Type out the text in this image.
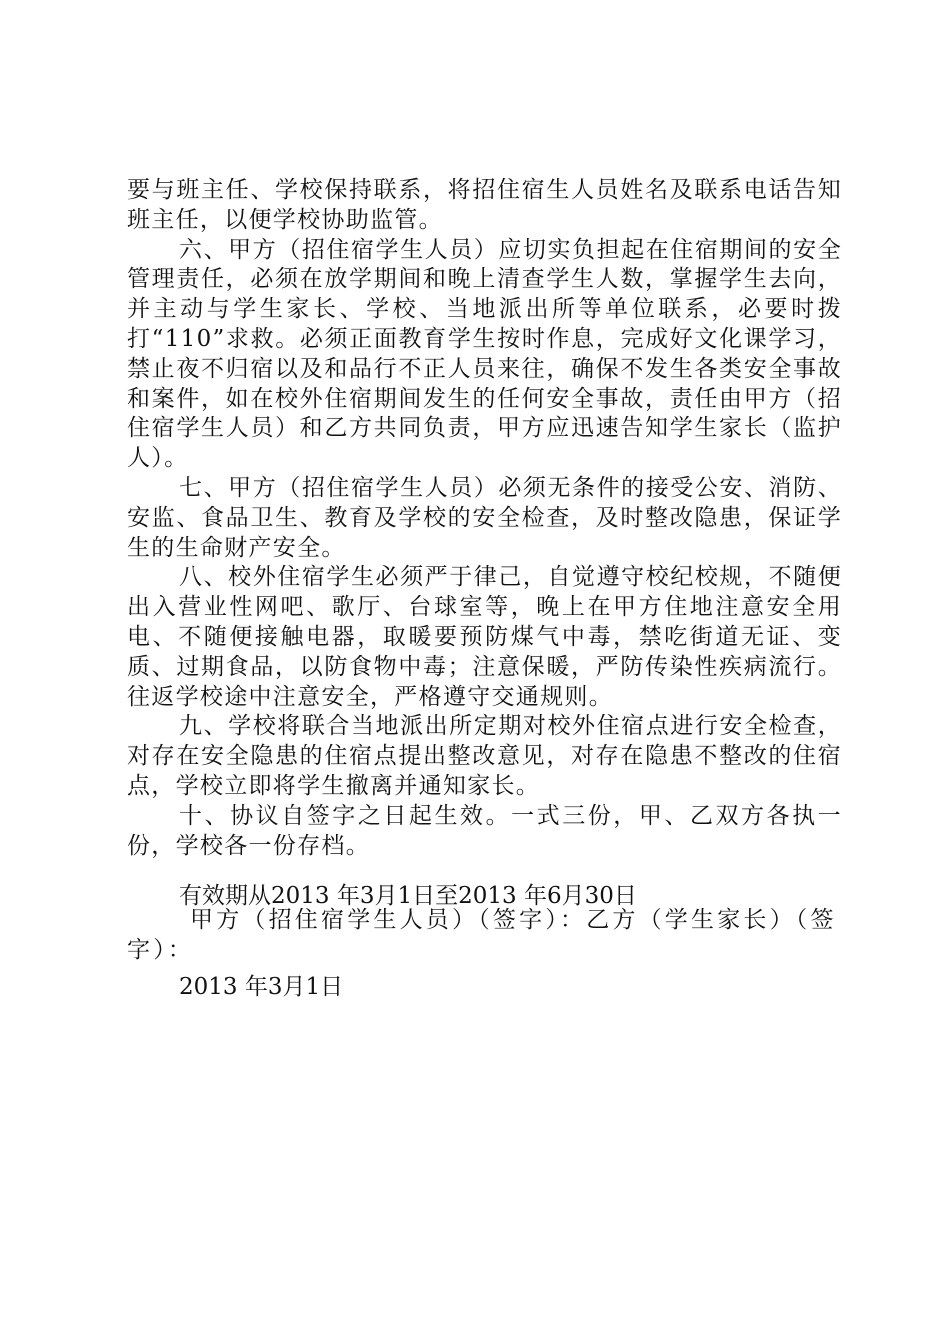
要与班主任、学校保持联系，将招住宿生人员姓名及联系电话告知班主任，以便学校协助监管。

六、甲方（招住宿学生人员）应切实负担起在住宿期间的安全管理责任，必须在放学期间和晚上清查学生人数，掌握学生去向，并主动与学生家长、学校、当地派出所等单位联系，必要时拨打“110”求救。必须正面教育学生按时作息，完成好文化课学习，禁止夜不归宿以及和品行不正人员来往，确保不发生各类安全事故和案件，如在校外住宿期间发生的任何安全事故，责任由甲方（招住宿学生人员）和乙方共同负责，甲方应迅速告知学生家长（监护人）。

七、甲方（招住宿学生人员）必须无条件的接受公安、消防、安监、食品卫生、教育及学校的安全检查，及时整改隐患，保证学生的生命财产安全。

八、校外住宿学生必须严于律己，自觉遵守校纪校规，不随便出入营业性网吧、歌厅、台球室等，晚上在甲方住地注意安全用电、不随便接触电器，取暖要预防煤气中毒，禁吃街道无证、变质、过期食品，以防食物中毒；注意保暖，严防传染性疾病流行。往返学校途中注意安全，严格遵守交通规则。

九、学校将联合当地派出所定期对校外住宿点进行安全检查，对存在安全隐患的住宿点提出整改意见，对存在隐患不整改的住宿点，学校立即将学生撤离并通知家长。

十、协议自签字之日起生效。一式三份，甲、乙双方各执一份，学校各一份存档。

有效期从2013 年3月1日至2013 年6月30日
甲方（招住宿学生人员）（签字）：乙方（学生家长）（签字）：
2013 年3月1日
